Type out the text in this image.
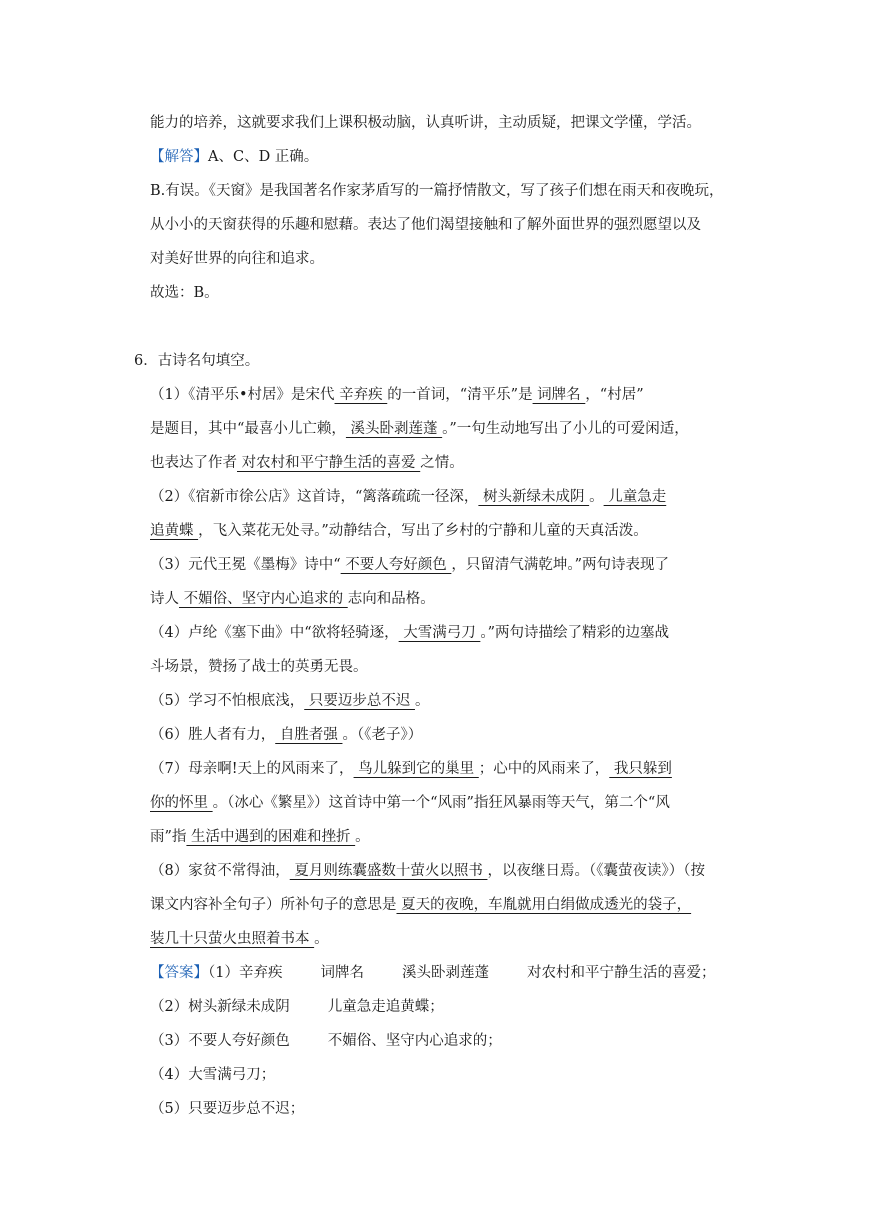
能力的培养，这就要求我们上课积极动脑，认真听讲，主动质疑，把课文学懂，学活。
【解答】A、C、D 正确。
B.有误。《天窗》是我国著名作家茅盾写的一篇抒情散文，写了孩子们想在雨天和夜晚玩，
从小小的天窗获得的乐趣和慰藉。表达了他们渴望接触和了解外面世界的强烈愿望以及
对美好世界的向往和追求。
故选：B。
6．古诗名句填空。
（1）《清平乐•村居》是宋代 辛弃疾 的一首词，“清平乐”是 词牌名 ，“村居”
是题目，其中“最喜小儿亡赖， 溪头卧剥莲蓬 。”一句生动地写出了小儿的可爱闲适，
也表达了作者 对农村和平宁静生活的喜爱 之情。
（2）《宿新市徐公店》这首诗，“篱落疏疏一径深， 树头新绿未成阴 。 儿童急走
追黄蝶 ，飞入菜花无处寻。”动静结合，写出了乡村的宁静和儿童的天真活泼。
（3）元代王冕《墨梅》诗中“ 不要人夸好颜色 ，只留清气满乾坤。”两句诗表现了
诗人 不媚俗、坚守内心追求的 志向和品格。
（4）卢纶《塞下曲》中“欲将轻骑逐， 大雪满弓刀 。”两句诗描绘了精彩的边塞战
斗场景，赞扬了战士的英勇无畏。
（5）学习不怕根底浅， 只要迈步总不迟 。
（6）胜人者有力， 自胜者强 。（《老子》）
（7）母亲啊!天上的风雨来了， 鸟儿躲到它的巢里 ；心中的风雨来了， 我只躲到
你的怀里 。（冰心《繁星》）这首诗中第一个“风雨”指狂风暴雨等天气，第二个“风
雨”指 生活中遇到的困难和挫折 。
（8）家贫不常得油， 夏月则练囊盛数十萤火以照书 ，以夜继日焉。（《囊萤夜读》）（按
课文内容补全句子）所补句子的意思是 夏天的夜晚，车胤就用白绢做成透光的袋子，
装几十只萤火虫照着书本 。
【答案】（1）辛弃疾	词牌名	溪头卧剥莲蓬	对农村和平宁静生活的喜爱；
（2）树头新绿未成阴	儿童急走追黄蝶；
（3）不要人夸好颜色	不媚俗、坚守内心追求的；
（4）大雪满弓刀；
（5）只要迈步总不迟；
